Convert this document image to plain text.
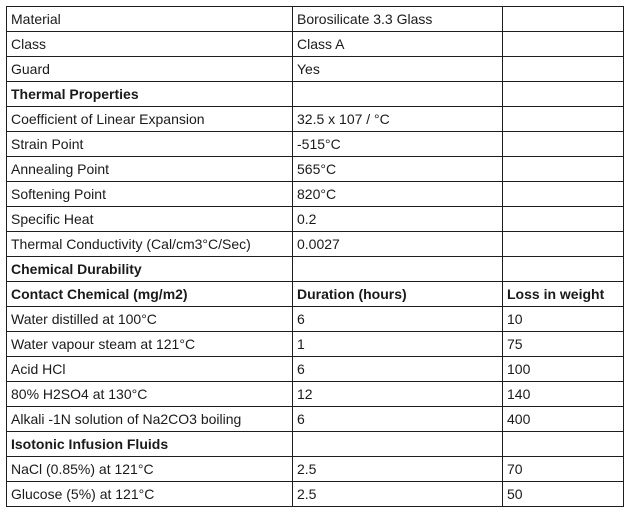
Material	Borosilicate 3.3 Glass	
Class	Class A	
Guard	Yes	
Thermal Properties		
Coefficient of Linear Expansion	32.5 x 107 / °C	
Strain Point	-515°C	
Annealing Point	565°C	
Softening Point	820°C	
Specific Heat	0.2	
Thermal Conductivity (Cal/cm3°C/Sec)	0.0027	
Chemical Durability		
Contact Chemical (mg/m2)	Duration (hours)	Loss in weight
Water distilled at 100°C	6	10
Water vapour steam at 121°C	1	75
Acid HCl	6	100
80% H2SO4 at 130°C	12	140
Alkali -1N solution of Na2CO3 boiling	6	400
Isotonic Infusion Fluids		
NaCl (0.85%) at 121°C	2.5	70
Glucose (5%) at 121°C	2.5	50
